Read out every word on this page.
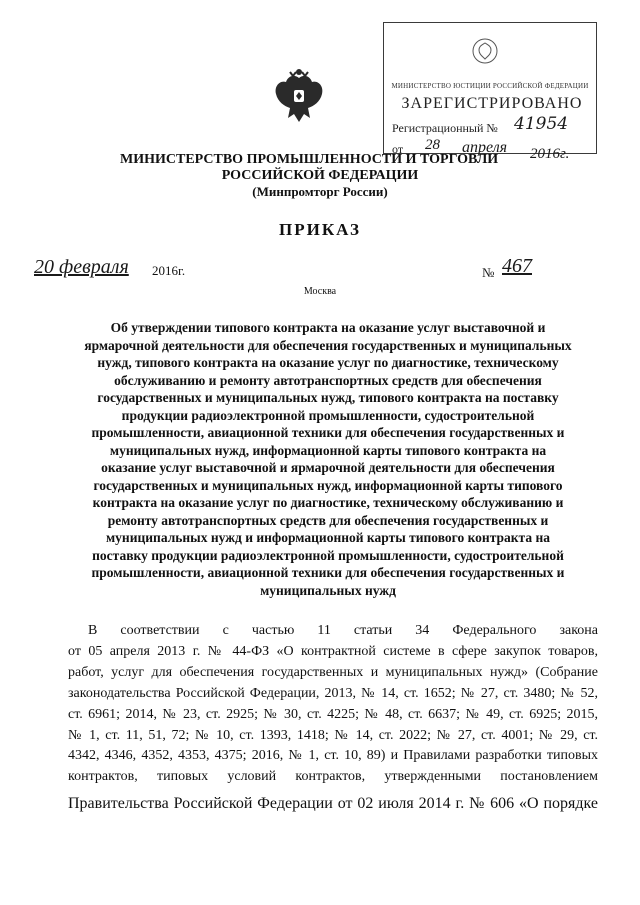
МИНИСТЕРСТВО ЮСТИЦИИ РОССИЙСКОЙ ФЕДЕРАЦИИ
ЗАРЕГИСТРИРОВАНО
Регистрационный № 41954
от 28 апреля 2016г.
МИНИСТЕРСТВО ПРОМЫШЛЕННОСТИ И ТОРГОВЛИ
РОССИЙСКОЙ ФЕДЕРАЦИИ
(Минпромторг России)
ПРИКАЗ
20 февраля 2016г.	№ 467
Москва
Об утверждении типового контракта на оказание услуг выставочной и
ярмарочной деятельности для обеспечения государственных и муниципальных
нужд, типового контракта на оказание услуг по диагностике, техническому
обслуживанию и ремонту автотранспортных средств для обеспечения
государственных и муниципальных нужд, типового контракта на поставку
продукции радиоэлектронной промышленности, судостроительной
промышленности, авиационной техники для обеспечения государственных и
муниципальных нужд, информационной карты типового контракта на
оказание услуг выставочной и ярмарочной деятельности для обеспечения
государственных и муниципальных нужд, информационной карты типового
контракта на оказание услуг по диагностике, техническому обслуживанию и
ремонту автотранспортных средств для обеспечения государственных и
муниципальных нужд и информационной карты типового контракта на
поставку продукции радиоэлектронной промышленности, судостроительной
промышленности, авиационной техники для обеспечения государственных и
муниципальных нужд
В соответствии с частью 11 статьи 34 Федерального закона
от 05 апреля 2013 г. № 44-ФЗ «О контрактной системе в сфере закупок товаров,
работ, услуг для обеспечения государственных и муниципальных нужд» (Собрание
законодательства Российской Федерации, 2013, № 14, ст. 1652; № 27, ст. 3480; № 52,
ст. 6961; 2014, № 23, ст. 2925; № 30, ст. 4225; № 48, ст. 6637; № 49, ст. 6925; 2015,
№ 1, ст. 11, 51, 72; № 10, ст. 1393, 1418; № 14, ст. 2022; № 27, ст. 4001; № 29, ст.
4342, 4346, 4352, 4353, 4375; 2016, № 1, ст. 10, 89) и Правилами разработки типовых
контрактов, типовых условий контрактов, утвержденными постановлением
Правительства Российской Федерации от 02 июля 2014 г. № 606 «О порядке
